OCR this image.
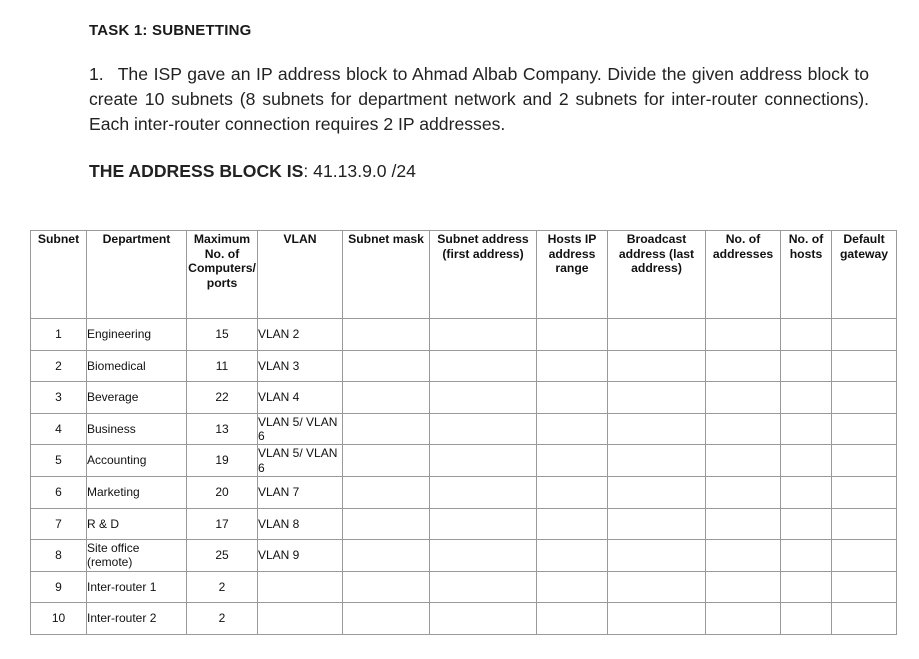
TASK 1: SUBNETTING
1. The ISP gave an IP address block to Ahmad Albab Company. Divide the given address block to create 10 subnets (8 subnets for department network and 2 subnets for inter-router connections). Each inter-router connection requires 2 IP addresses.
THE ADDRESS BLOCK IS: 41.13.9.0 /24
Subnet	Department	Maximum No. of Computers/ ports	VLAN	Subnet mask	Subnet address (first address)	Hosts IP address range	Broadcast address (last address)	No. of addresses	No. of hosts	Default gateway
1	Engineering	15	VLAN 2							
2	Biomedical	11	VLAN 3							
3	Beverage	22	VLAN 4							
4	Business	13	VLAN 5/ VLAN 6							
5	Accounting	19	VLAN 5/ VLAN 6							
6	Marketing	20	VLAN 7							
7	R & D	17	VLAN 8							
8	Site office (remote)	25	VLAN 9							
9	Inter-router 1	2								
10	Inter-router 2	2								
